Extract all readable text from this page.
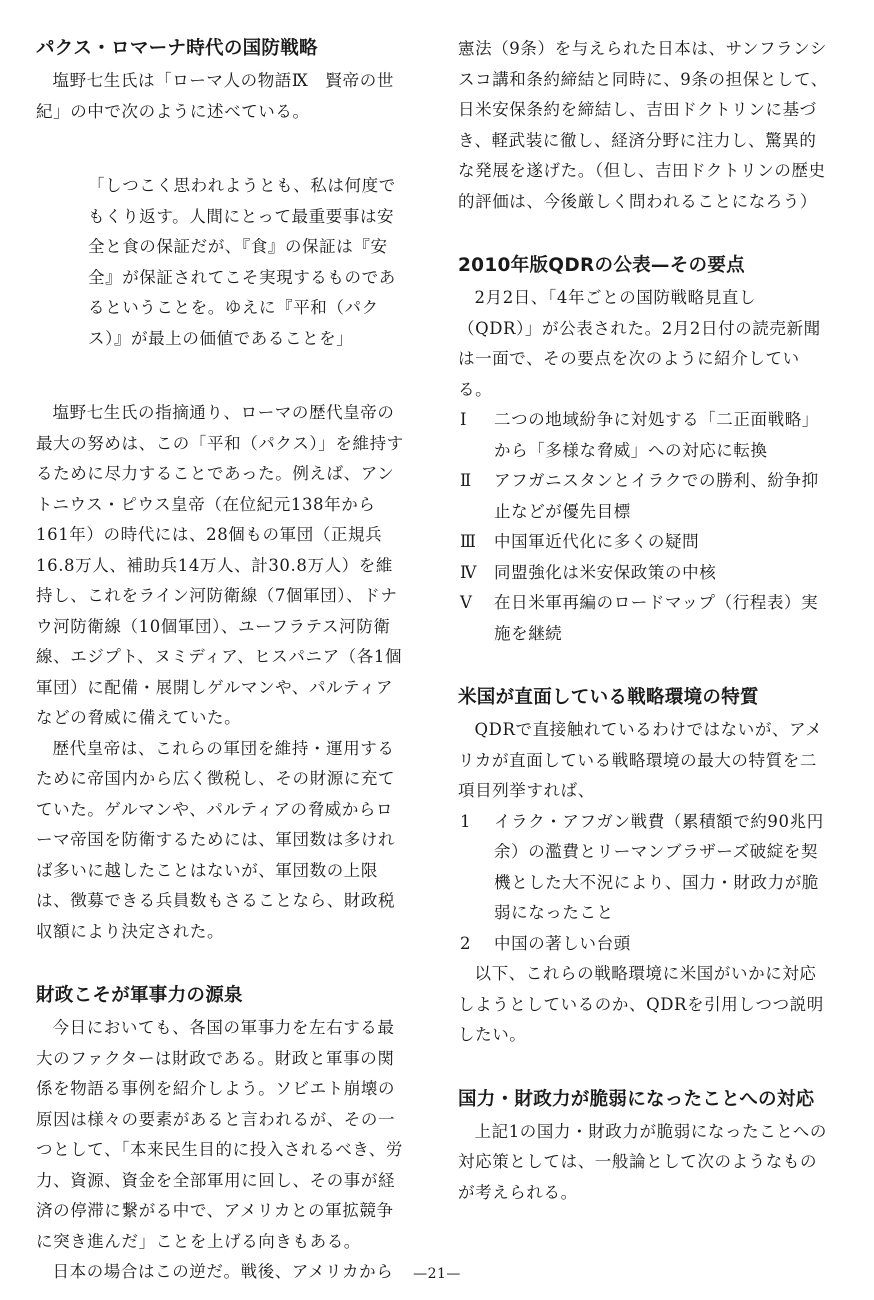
パクス・ロマーナ時代の国防戦略

塩野七生氏は「ローマ人の物語Ⅸ　賢帝の世紀」の中で次のように述べている。

「しつこく思われようとも、私は何度でもくり返す。人間にとって最重要事は安全と食の保証だが、『食』の保証は『安全』が保証されてこそ実現するものであるということを。ゆえに『平和（パクス）』が最上の価値であることを」

塩野七生氏の指摘通り、ローマの歴代皇帝の最大の努めは、この「平和（パクス）」を維持するために尽力することであった。例えば、アントニウス・ピウス皇帝（在位紀元138年から161年）の時代には、28個もの軍団（正規兵16.8万人、補助兵14万人、計30.8万人）を維持し、これをライン河防衛線（7個軍団）、ドナウ河防衛線（10個軍団）、ユーフラテス河防衛線、エジプト、ヌミディア、ヒスパニア（各1個軍団）に配備・展開しゲルマンや、パルティアなどの脅威に備えていた。

歴代皇帝は、これらの軍団を維持・運用するために帝国内から広く徴税し、その財源に充てていた。ゲルマンや、パルティアの脅威からローマ帝国を防衛するためには、軍団数は多ければ多いに越したことはないが、軍団数の上限は、徴募できる兵員数もさることなら、財政税収額により決定された。

財政こそが軍事力の源泉

今日においても、各国の軍事力を左右する最大のファクターは財政である。財政と軍事の関係を物語る事例を紹介しよう。ソビエト崩壊の原因は様々の要素があると言われるが、その一つとして、「本来民生目的に投入されるべき、労力、資源、資金を全部軍用に回し、その事が経済の停滞に繋がる中で、アメリカとの軍拡競争に突き進んだ」ことを上げる向きもある。

日本の場合はこの逆だ。戦後、アメリカから

憲法（9条）を与えられた日本は、サンフランシスコ講和条約締結と同時に、9条の担保として、日米安保条約を締結し、吉田ドクトリンに基づき、軽武装に徹し、経済分野に注力し、驚異的な発展を遂げた。（但し、吉田ドクトリンの歴史的評価は、今後厳しく問われることになろう）

2010年版QDRの公表—その要点

2月2日、「4年ごとの国防戦略見直し（QDR）」が公表された。2月2日付の読売新聞は一面で、その要点を次のように紹介している。

Ⅰ	二つの地域紛争に対処する「二正面戦略」から「多様な脅威」への対応に転換
Ⅱ	アフガニスタンとイラクでの勝利、紛争抑止などが優先目標
Ⅲ	中国軍近代化に多くの疑問
Ⅳ	同盟強化は米安保政策の中核
Ⅴ	在日米軍再編のロードマップ（行程表）実施を継続
米国が直面している戦略環境の特質

QDRで直接触れているわけではないが、アメリカが直面している戦略環境の最大の特質を二項目列挙すれば、

1	イラク・アフガン戦費（累積額で約90兆円余）の濫費とリーマンブラザーズ破綻を契機とした大不況により、国力・財政力が脆弱になったこと
2	中国の著しい台頭

以下、これらの戦略環境に米国がいかに対応しようとしているのか、QDRを引用しつつ説明したい。

国力・財政力が脆弱になったことへの対応

上記1の国力・財政力が脆弱になったことへの対応策としては、一般論として次のようなものが考えられる。

—21—
